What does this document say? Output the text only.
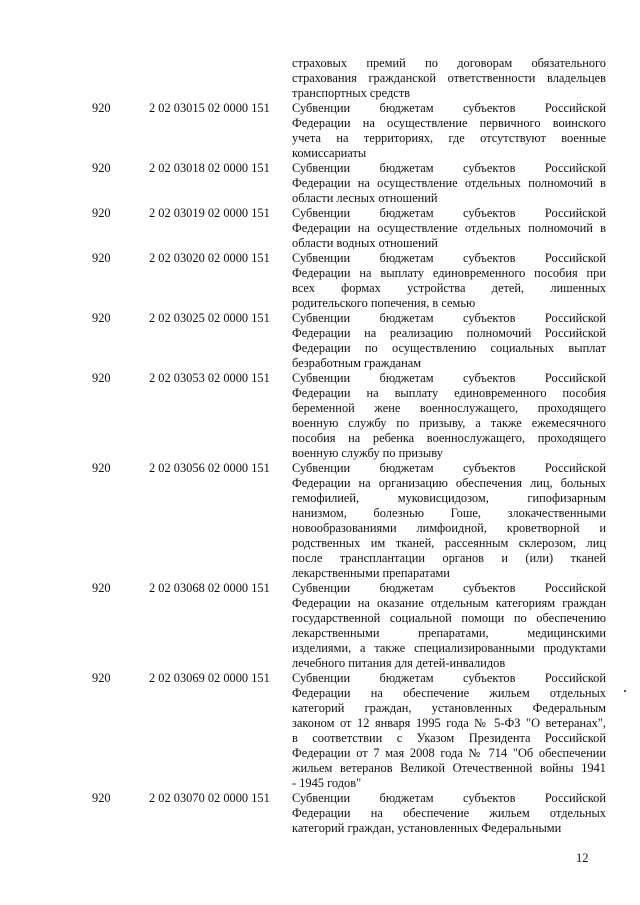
страховых премий по договорам обязательного
страхования гражданской ответственности владельцев
транспортных средств
920	2 02 03015 02 0000 151	Субвенции бюджетам субъектов Российской
Федерации на осуществление первичного воинского
учета на территориях, где отсутствуют военные
комиссариаты
920	2 02 03018 02 0000 151	Субвенции бюджетам субъектов Российской
Федерации на осуществление отдельных полномочий в
области лесных отношений
920	2 02 03019 02 0000 151	Субвенции бюджетам субъектов Российской
Федерации на осуществление отдельных полномочий в
области водных отношений
920	2 02 03020 02 0000 151	Субвенции бюджетам субъектов Российской
Федерации на выплату единовременного пособия при
всех формах устройства детей, лишенных
родительского попечения, в семью
920	2 02 03025 02 0000 151	Субвенции бюджетам субъектов Российской
Федерации на реализацию полномочий Российской
Федерации по осуществлению социальных выплат
безработным гражданам
920	2 02 03053 02 0000 151	Субвенции бюджетам субъектов Российской
Федерации на выплату единовременного пособия
беременной жене военнослужащего, проходящего
военную службу по призыву, а также ежемесячного
пособия на ребенка военнослужащего, проходящего
военную службу по призыву
920	2 02 03056 02 0000 151	Субвенции бюджетам субъектов Российской
Федерации на организацию обеспечения лиц, больных
гемофилией, муковисцидозом, гипофизарным
нанизмом, болезнью Гоше, злокачественными
новообразованиями лимфоидной, кроветворной и
родственных им тканей, рассеянным склерозом, лиц
после трансплантации органов и (или) тканей
лекарственными препаратами
920	2 02 03068 02 0000 151	Субвенции бюджетам субъектов Российской
Федерации на оказание отдельным категориям граждан
государственной социальной помощи по обеспечению
лекарственными препаратами, медицинскими
изделиями, а также специализированными продуктами
лечебного питания для детей-инвалидов
920	2 02 03069 02 0000 151	Субвенции бюджетам субъектов Российской
Федерации на обеспечение жильем отдельных
категорий граждан, установленных Федеральным
законом от 12 января 1995 года № 5-ФЗ "О ветеранах",
в соответствии с Указом Президента Российской
Федерации от 7 мая 2008 года № 714 "Об обеспечении
жильем ветеранов Великой Отечественной войны 1941
- 1945 годов"
920	2 02 03070 02 0000 151	Субвенции бюджетам субъектов Российской
Федерации на обеспечение жильем отдельных
категорий граждан, установленных Федеральными
12
